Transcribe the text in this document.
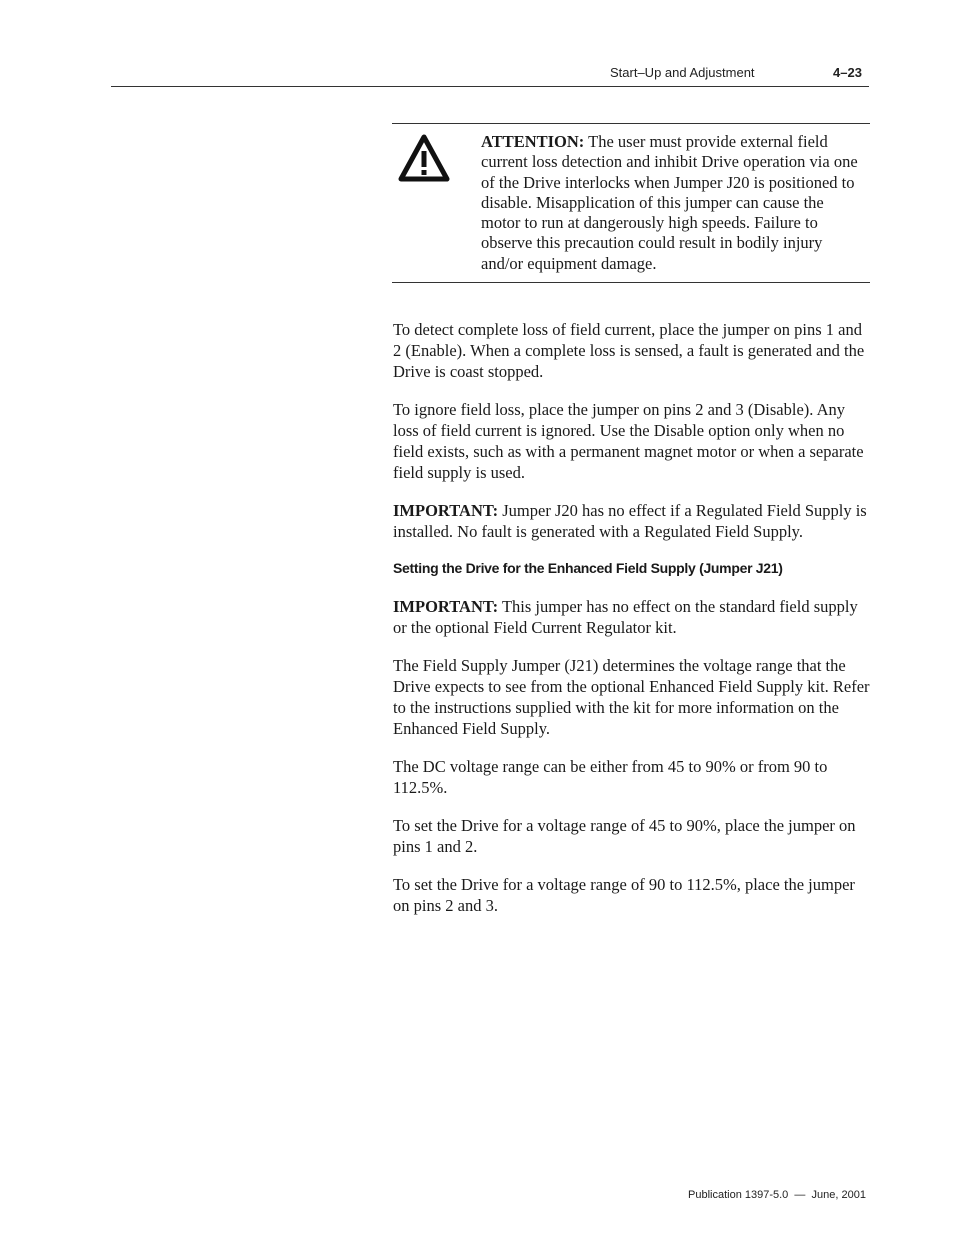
Start–Up and Adjustment	4–23
ATTENTION: The user must provide external field current loss detection and inhibit Drive operation via one of the Drive interlocks when Jumper J20 is positioned to disable. Misapplication of this jumper can cause the motor to run at dangerously high speeds. Failure to observe this precaution could result in bodily injury and/or equipment damage.

To detect complete loss of field current, place the jumper on pins 1 and 2 (Enable). When a complete loss is sensed, a fault is generated and the Drive is coast stopped.

To ignore field loss, place the jumper on pins 2 and 3 (Disable). Any loss of field current is ignored. Use the Disable option only when no field exists, such as with a permanent magnet motor or when a separate field supply is used.

IMPORTANT: Jumper J20 has no effect if a Regulated Field Supply is installed. No fault is generated with a Regulated Field Supply.

Setting the Drive for the Enhanced Field Supply (Jumper J21)

IMPORTANT: This jumper has no effect on the standard field supply or the optional Field Current Regulator kit.

The Field Supply Jumper (J21) determines the voltage range that the Drive expects to see from the optional Enhanced Field Supply kit. Refer to the instructions supplied with the kit for more information on the Enhanced Field Supply.

The DC voltage range can be either from 45 to 90% or from 90 to 112.5%.

To set the Drive for a voltage range of 45 to 90%, place the jumper on pins 1 and 2.

To set the Drive for a voltage range of 90 to 112.5%, place the jumper on pins 2 and 3.

Publication 1397-5.0  —  June, 2001
